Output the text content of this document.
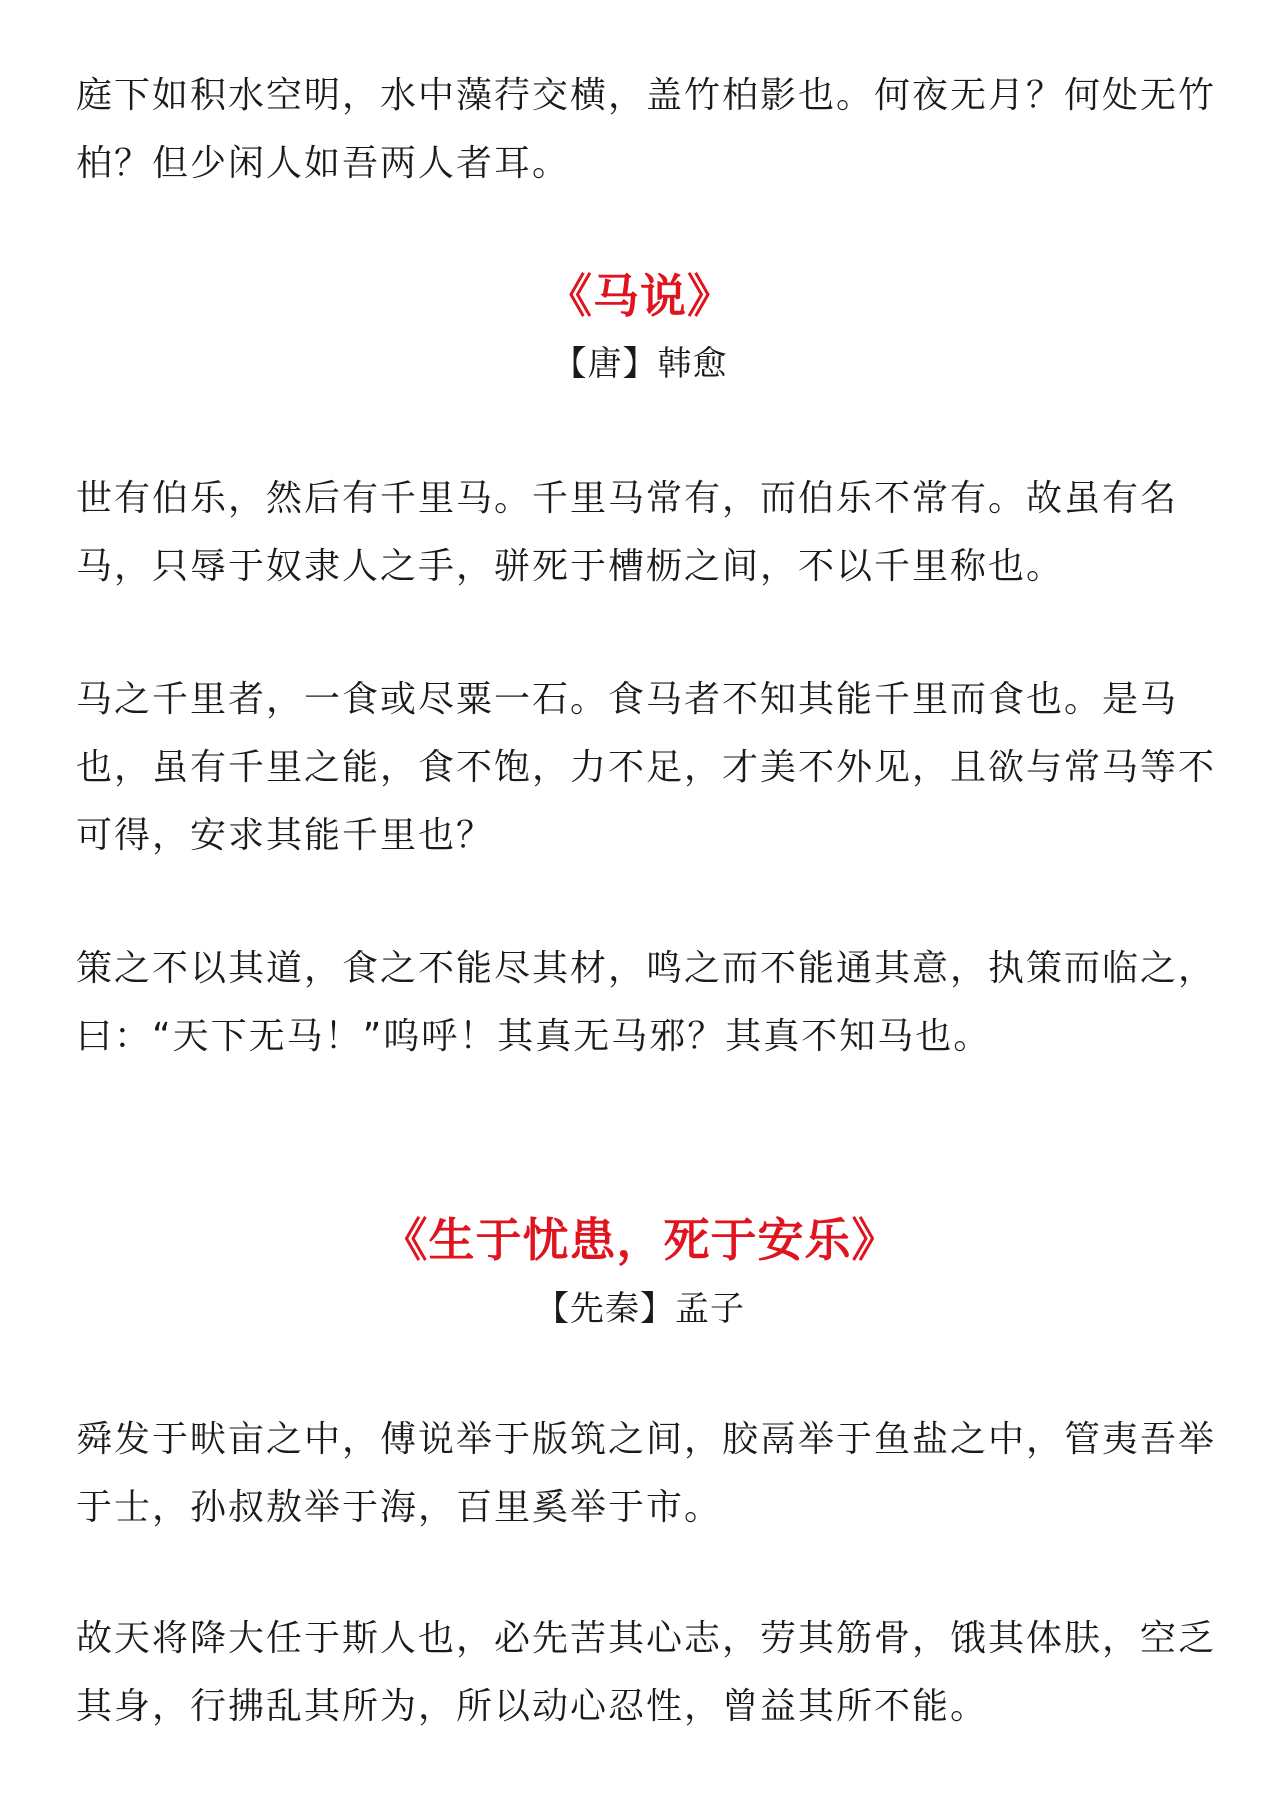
庭下如积水空明，水中藻荇交横，盖竹柏影也。何夜无月？何处无竹柏？但少闲人如吾两人者耳。

《马说》
【唐】韩愈

世有伯乐，然后有千里马。千里马常有，而伯乐不常有。故虽有名马，只辱于奴隶人之手，骈死于槽枥之间，不以千里称也。

马之千里者，一食或尽粟一石。食马者不知其能千里而食也。是马也，虽有千里之能，食不饱，力不足，才美不外见，且欲与常马等不可得，安求其能千里也？

策之不以其道，食之不能尽其材，鸣之而不能通其意，执策而临之，曰：“天下无马！”呜呼！其真无马邪？其真不知马也。

《生于忧患，死于安乐》
【先秦】孟子

舜发于畎亩之中，傅说举于版筑之间，胶鬲举于鱼盐之中，管夷吾举于士，孙叔敖举于海，百里奚举于市。

故天将降大任于斯人也，必先苦其心志，劳其筋骨，饿其体肤，空乏其身，行拂乱其所为，所以动心忍性，曾益其所不能。
